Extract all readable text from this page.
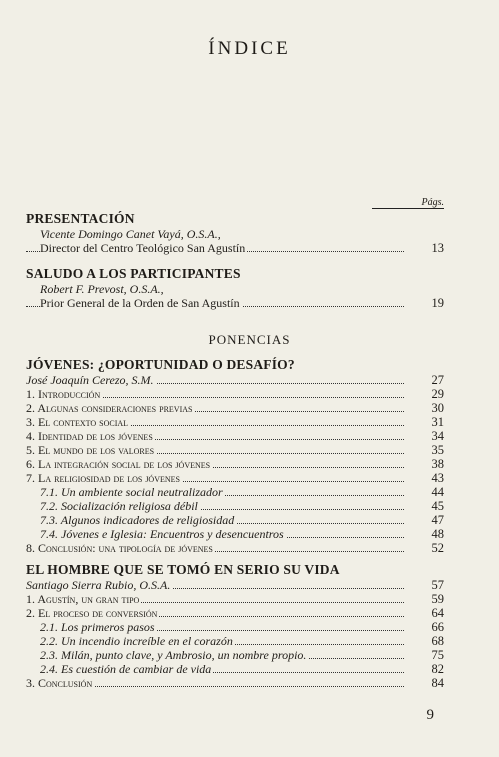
ÍNDICE
Págs.
PRESENTACIÓN
Vicente Domingo Canet Vayá, O.S.A.,
Director del Centro Teológico San Agustín	13
SALUDO A LOS PARTICIPANTES
Robert F. Prevost, O.S.A.,
Prior General de la Orden de San Agustín	19
PONENCIAS
JÓVENES: ¿OPORTUNIDAD O DESAFÍO?
José Joaquín Cerezo, S.M.	27
1. Introducción	29
2. Algunas consideraciones previas	30
3. El contexto social	31
4. Identidad de los jóvenes	34
5. El mundo de los valores	35
6. La integración social de los jóvenes	38
7. La religiosidad de los jóvenes	43
7.1. Un ambiente social neutralizador	44
7.2. Socialización religiosa débil	45
7.3. Algunos indicadores de religiosidad	47
7.4. Jóvenes e Iglesia: Encuentros y desencuentros	48
8. Conclusión: una tipología de jóvenes	52
EL HOMBRE QUE SE TOMÓ EN SERIO SU VIDA
Santiago Sierra Rubio, O.S.A.	57
1. Agustín, un gran tipo	59
2. El proceso de conversión	64
2.1. Los primeros pasos	66
2.2. Un incendio increíble en el corazón	68
2.3. Milán, punto clave, y Ambrosio, un nombre propio.	75
2.4. Es cuestión de cambiar de vida	82
3. Conclusión	84
9
